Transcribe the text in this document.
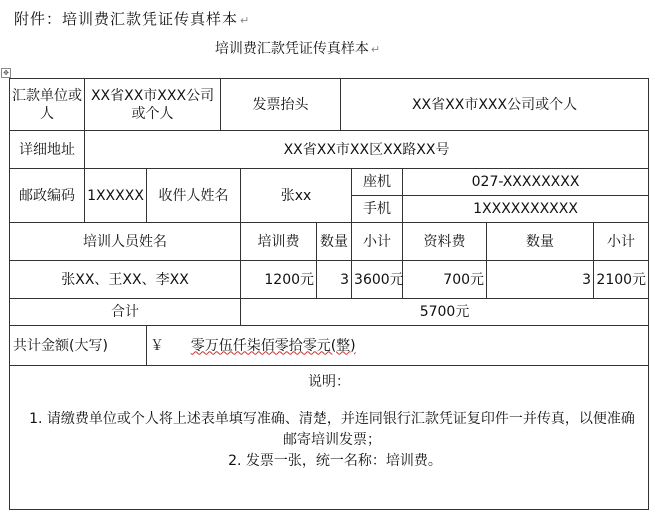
附件：培训费汇款凭证传真样本 ↵
培训费汇款凭证传真样本 ↵
✥
汇款单位或人	XX省XX市XXX公司或个人		发票抬头			XX省XX市XXX公司或个人				
详细地址	XX省XX市XX区XX路XX号									
邮政编码	1XXXXX	收件人姓名		张xx			座机	027-XXXXXXXX		
							手机	1XXXXXXXXXX		
培训人员姓名				培训费	数量		小计	资料费	数量	小计
张XX、王XX、李XX				1200元	3		3600元	700元	3	2100元
合计				5700元						
共计金额(大写)		￥ 零万伍仟柒佰零拾零元(整)								

说明：

1. 请缴费单位或个人将上述表单填写准确、清楚，并连同银行汇款凭证复印件一并传真，以便准确邮寄培训发票；

2. 发票一张，统一名称：培训费。										
